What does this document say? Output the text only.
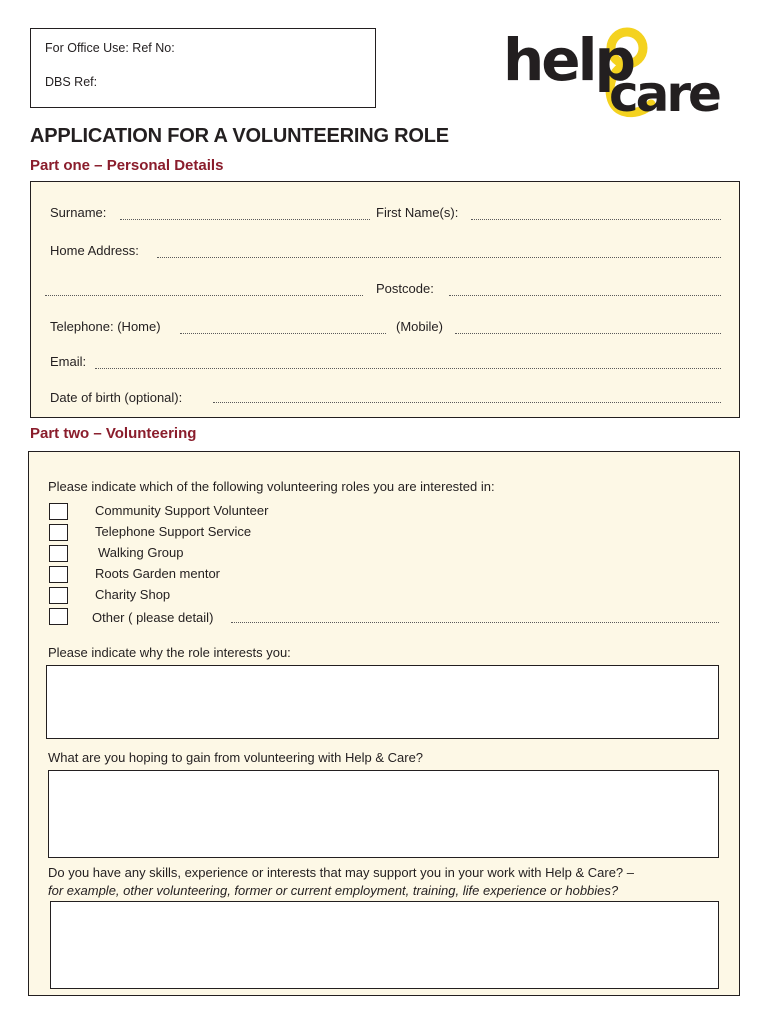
For Office Use: Ref No:
DBS Ref:	help
care
APPLICATION FOR A VOLUNTEERING ROLE
Part one – Personal Details
Surname:	First Name(s):
Home Address:
Postcode:
Telephone: (Home)	(Mobile)
Email:
Date of birth (optional):
Part two – Volunteering
Please indicate which of the following volunteering roles you are interested in:
Community Support Volunteer
Telephone Support Service
Walking Group
Roots Garden mentor
Charity Shop
Other ( please detail)
Please indicate why the role interests you:
What are you hoping to gain from volunteering with Help & Care?
Do you have any skills, experience or interests that may support you in your work with Help & Care? –
for example, other volunteering, former or current employment, training, life experience or hobbies?
